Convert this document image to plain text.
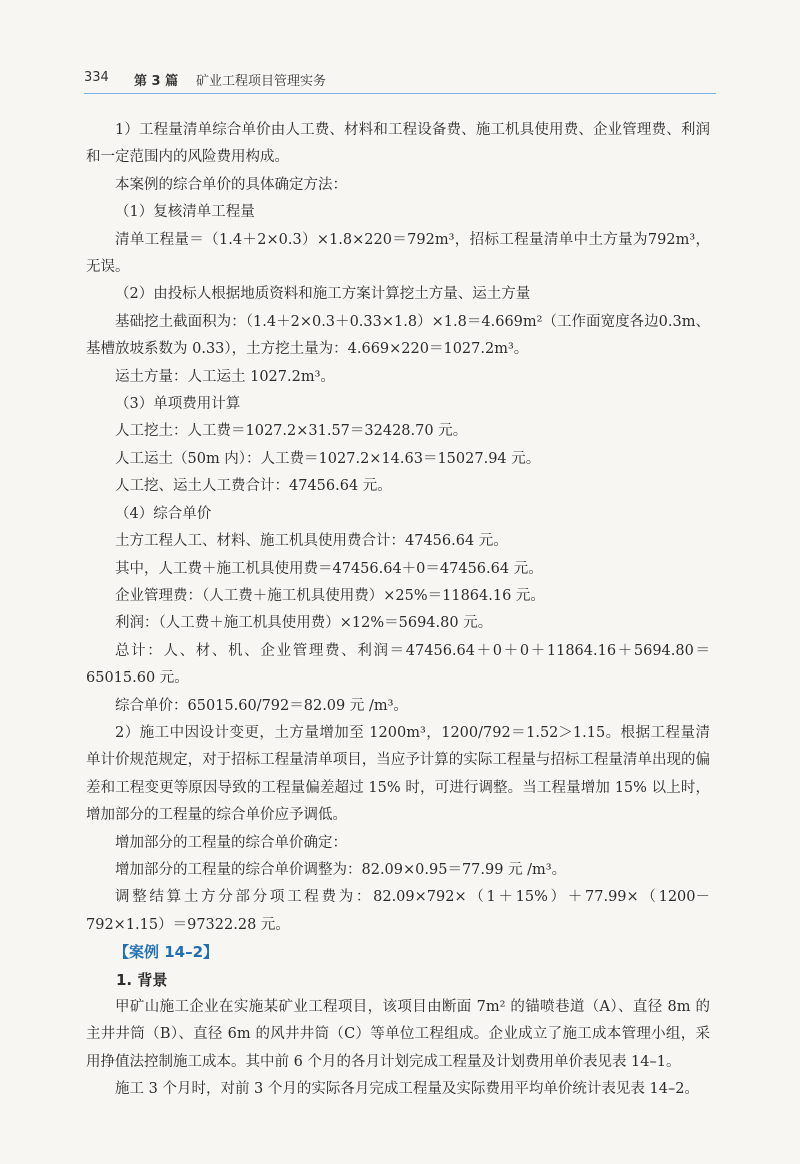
334 第 3 篇 矿业工程项目管理实务

1）工程量清单综合单价由人工费、材料和工程设备费、施工机具使用费、企业管理费、利润和一定范围内的风险费用构成。

本案例的综合单价的具体确定方法：

（1）复核清单工程量

清单工程量＝（1.4＋2×0.3）×1.8×220＝792m³，招标工程量清单中土方量为792m³，无误。

（2）由投标人根据地质资料和施工方案计算挖土方量、运土方量

基础挖土截面积为：（1.4＋2×0.3＋0.33×1.8）×1.8＝4.669m²（工作面宽度各边0.3m、基槽放坡系数为 0.33），土方挖土量为：4.669×220＝1027.2m³。

运土方量：人工运土 1027.2m³。

（3）单项费用计算

人工挖土：人工费＝1027.2×31.57＝32428.70 元。

人工运土（50m 内）：人工费＝1027.2×14.63＝15027.94 元。

人工挖、运土人工费合计：47456.64 元。

（4）综合单价

土方工程人工、材料、施工机具使用费合计：47456.64 元。

其中，人工费＋施工机具使用费＝47456.64＋0＝47456.64 元。

企业管理费：（人工费＋施工机具使用费）×25%＝11864.16 元。

利润：（人工费＋施工机具使用费）×12%＝5694.80 元。

总计：人、材、机、企业管理费、利润＝47456.64＋0＋0＋11864.16＋5694.80＝65015.60 元。

综合单价：65015.60/792＝82.09 元 /m³。

2）施工中因设计变更，土方量增加至 1200m³，1200/792＝1.52＞1.15。根据工程量清单计价规范规定，对于招标工程量清单项目，当应予计算的实际工程量与招标工程量清单出现的偏差和工程变更等原因导致的工程量偏差超过 15% 时，可进行调整。当工程量增加 15% 以上时，增加部分的工程量的综合单价应予调低。

增加部分的工程量的综合单价确定：

增加部分的工程量的综合单价调整为：82.09×0.95＝77.99 元 /m³。

调整结算土方分部分项工程费为：82.09×792×（1＋15%）＋77.99×（1200－792×1.15）＝97322.28 元。

【案例 14–2】

1. 背景

甲矿山施工企业在实施某矿业工程项目，该项目由断面 7m² 的锚喷巷道（A）、直径 8m 的主井井筒（B）、直径 6m 的风井井筒（C）等单位工程组成。企业成立了施工成本管理小组，采用挣值法控制施工成本。其中前 6 个月的各月计划完成工程量及计划费用单价表见表 14–1。

施工 3 个月时，对前 3 个月的实际各月完成工程量及实际费用平均单价统计表见表 14–2。
